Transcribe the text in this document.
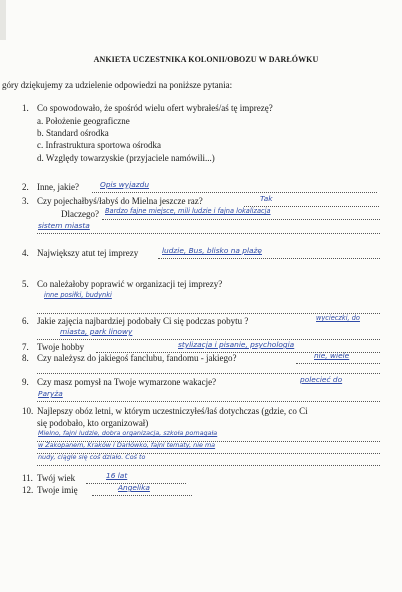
ANKIETA UCZESTNIKA KOLONII/OBOZU W DARŁÓWKU
góry dziękujemy za udzielenie odpowiedzi na poniższe pytania:
1. Co spowodowało, że spośród wielu ofert wybrałeś/aś tę imprezę?
a. Położenie geograficzne
b. Standard ośrodka
c. Infrastruktura sportowa ośrodka
d. Względy towarzyskie (przyjaciele namówili...)
2. Inne, jakie?	Opis wyjazdu
3. Czy pojechałbyś/łabyś do Mielna jeszcze raz?	Tak
Dlaczego? Bardzo fajne miejsce, mili ludzie i fajna lokalizacja
sistem miasta
4. Największy atut tej imprezy	ludzie, Bus, blisko na plażę
5. Co należałoby poprawić w organizacji tej imprezy?
inne posiłki, budynki
6. Jakie zajęcia najbardziej podobały Ci się podczas pobytu ?	wycieczki, do
miasta, park linowy
7. Twoje hobby	stylizacja i pisanie, psychologia
8. Czy należysz do jakiegoś fanclubu, fandomu - jakiego?	nie, wiele
9. Czy masz pomysł na Twoje wymarzone wakacje?	polecieć do
Paryża
10. Najlepszy obóz letni, w którym uczestniczyłeś/łaś dotychczas (gdzie, co Ci
się podobało, kto organizował)
Mielno, fajni ludzie, dobra organizacja, szkoła pomagała
w Zakopanem, Kraków i Darłówko, fajni tematy, nie ma
nudy, ciągle się coś działo. Coś to
11. Twój wiek	16 lat
12. Twoje imię	Angelika
